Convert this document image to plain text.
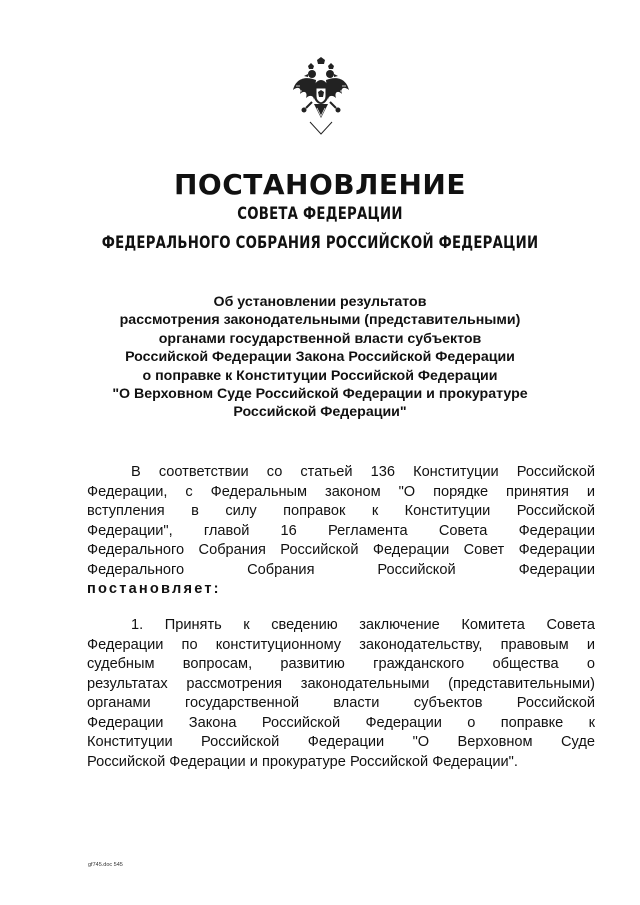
ПОСТАНОВЛЕНИЕ
СОВЕТА ФЕДЕРАЦИИ
ФЕДЕРАЛЬНОГО СОБРАНИЯ РОССИЙСКОЙ ФЕДЕРАЦИИ
Об установлении результатов
рассмотрения законодательными (представительными)
органами государственной власти субъектов
Российской Федерации Закона Российской Федерации
о поправке к Конституции Российской Федерации
"О Верховном Суде Российской Федерации и прокуратуре
Российской Федерации"
В соответствии со статьей 136 Конституции Российской
Федерации, с Федеральным законом "О порядке принятия и
вступления в силу поправок к Конституции Российской
Федерации", главой 16 Регламента Совета Федерации
Федерального Собрания Российской Федерации Совет Федерации
Федерального Собрания Российской Федерации
постановляет:
1. Принять к сведению заключение Комитета Совета
Федерации по конституционному законодательству, правовым и
судебным вопросам, развитию гражданского общества о
результатах рассмотрения законодательными (представительными)
органами государственной власти субъектов Российской
Федерации Закона Российской Федерации о поправке к
Конституции Российской Федерации "О Верховном Суде
Российской Федерации и прокуратуре Российской Федерации".
gf745.doc 545
